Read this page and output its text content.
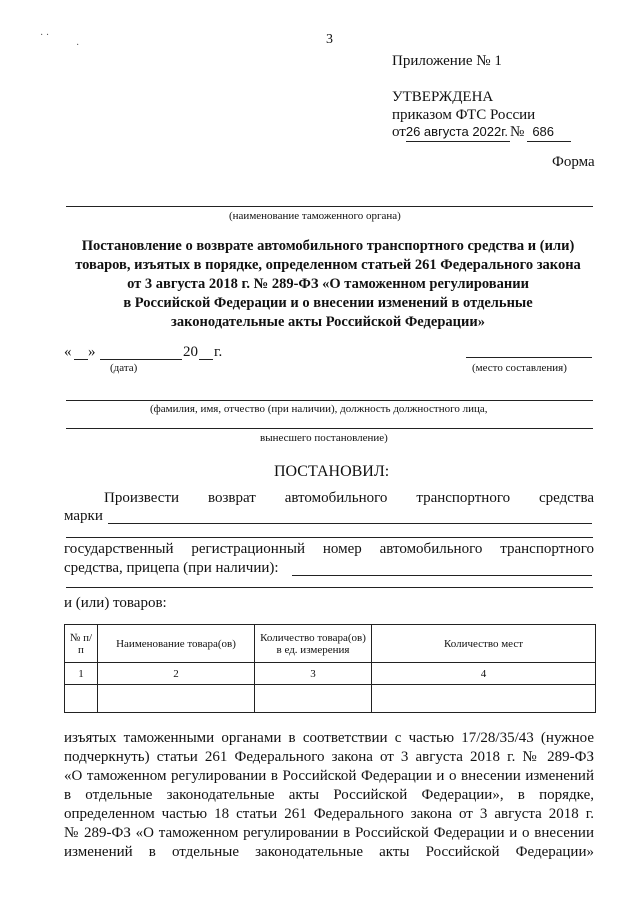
· ·
·	3
Приложение № 1
УТВЕРЖДЕНА
приказом ФТС России
от26 августа 2022г. № 686
Форма
(наименование таможенного органа)
Постановление о возврате автомобильного транспортного средства и (или)
товаров, изъятых в порядке, определенном статьей 261 Федерального закона
от 3 августа 2018 г. № 289-ФЗ «О таможенном регулировании
в Российской Федерации и о внесении изменений в отдельные
законодательные акты Российской Федерации»
« »	20 г.
(дата)	(место составления)
(фамилия, имя, отчество (при наличии), должность должностного лица,
вынесшего постановление)
ПОСТАНОВИЛ:
Произвести возврат автомобильного транспортного средства
марки
государственный регистрационный номер автомобильного транспортного
средства, прицепа (при наличии):
и (или) товаров:
№ п/п	Наименование товара(ов)	Количество товара(ов) в ед. измерения	Количество мест
1	2	3	4

изъятых таможенными органами в соответствии с частью 17/28/35/43 (нужное
подчеркнуть) статьи 261 Федерального закона от 3 августа 2018 г. № 289-ФЗ
«О таможенном регулировании в Российской Федерации и о внесении изменений
в отдельные законодательные акты Российской Федерации», в порядке,
определенном частью 18 статьи 261 Федерального закона от 3 августа 2018 г.
№ 289-ФЗ «О таможенном регулировании в Российской Федерации и о внесении
изменений в отдельные законодательные акты Российской Федерации»
